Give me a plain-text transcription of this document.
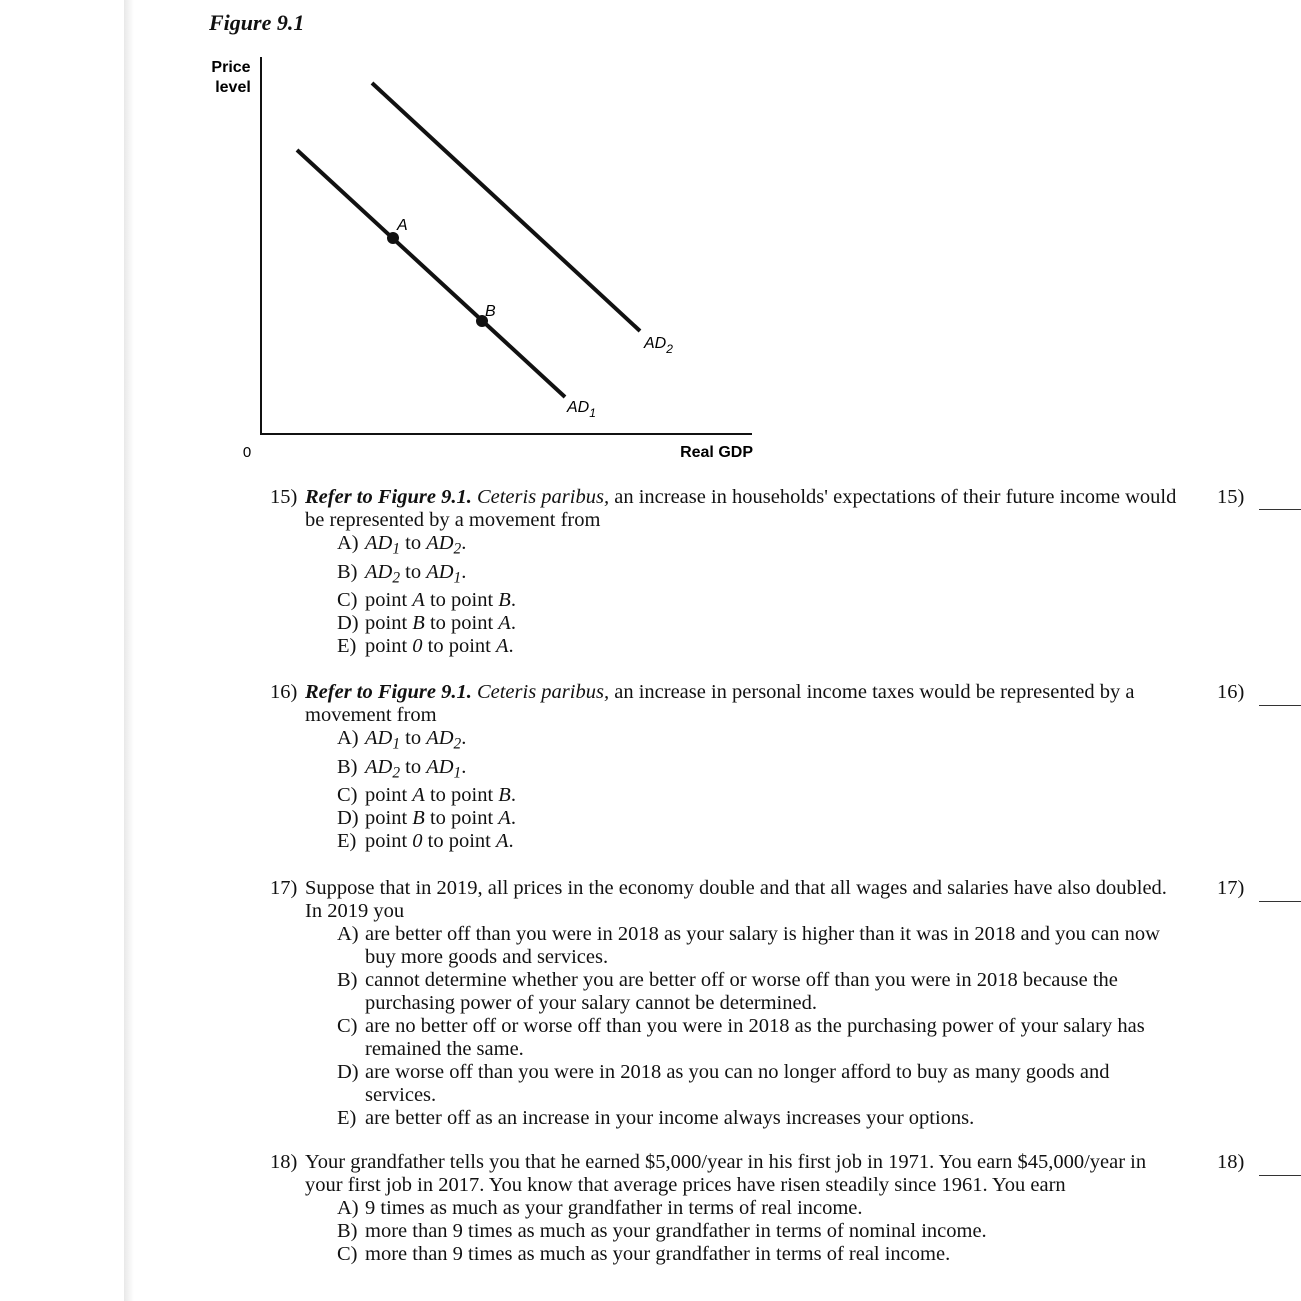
Figure 9.1
Price
level
0	Real GDP
A
B
$AD_1$
$AD_2$
15) Refer to Figure 9.1. Ceteris paribus, an increase in households' expectations of their future income would be represented by a movement from
A) $AD_1$ to $AD_2$.
B) $AD_2$ to $AD_1$.
C) point A to point B.
D) point B to point A.
E) point 0 to point A.
15)
16) Refer to Figure 9.1. Ceteris paribus, an increase in personal income taxes would be represented by a movement from
A) $AD_1$ to $AD_2$.
B) $AD_2$ to $AD_1$.
C) point A to point B.
D) point B to point A.
E) point 0 to point A.
16)
17) Suppose that in 2019, all prices in the economy double and that all wages and salaries have also doubled. In 2019 you
A) are better off than you were in 2018 as your salary is higher than it was in 2018 and you can now buy more goods and services.
B) cannot determine whether you are better off or worse off than you were in 2018 because the purchasing power of your salary cannot be determined.
C) are no better off or worse off than you were in 2018 as the purchasing power of your salary has remained the same.
D) are worse off than you were in 2018 as you can no longer afford to buy as many goods and services.
E) are better off as an increase in your income always increases your options.
17)
18) Your grandfather tells you that he earned $5,000/year in his first job in 1971. You earn $45,000/year in your first job in 2017. You know that average prices have risen steadily since 1961. You earn
A) 9 times as much as your grandfather in terms of real income.
B) more than 9 times as much as your grandfather in terms of nominal income.
C) more than 9 times as much as your grandfather in terms of real income.
18)
